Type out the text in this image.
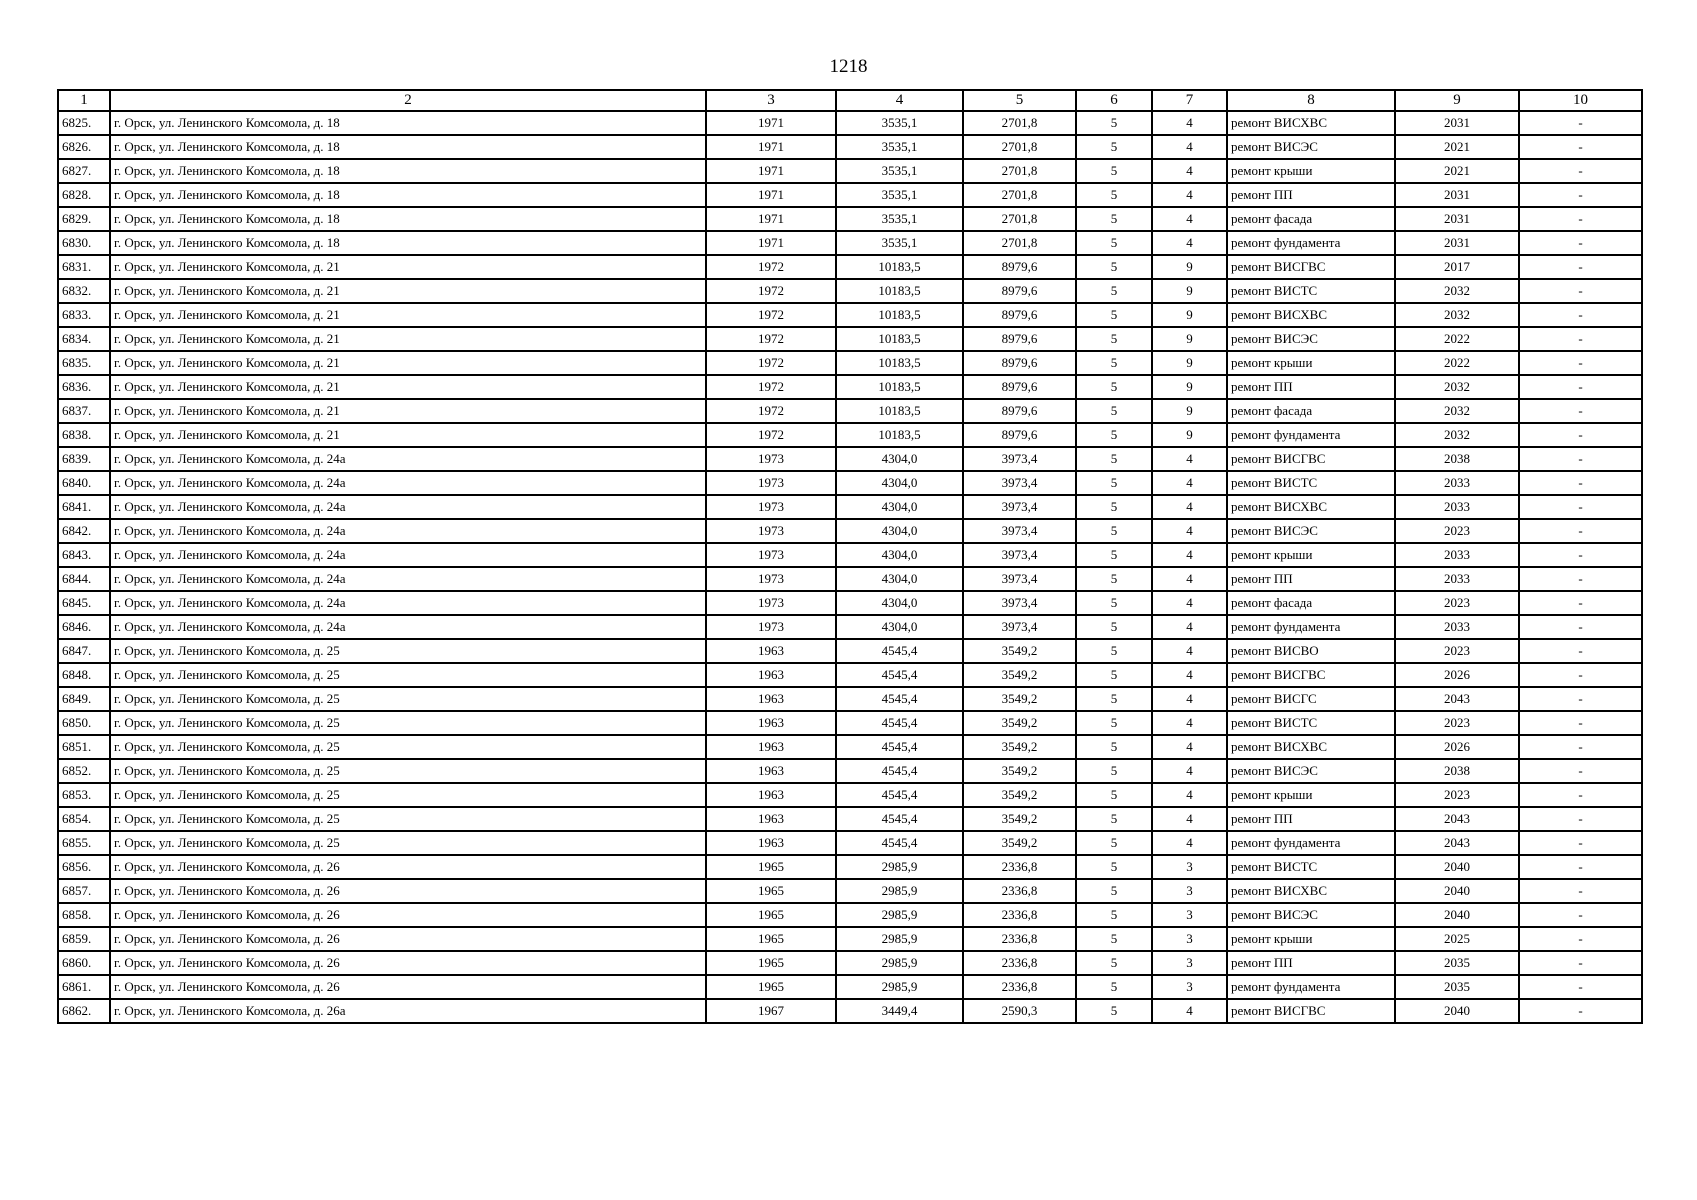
1218
1	2	3	4	5	6	7	8	9	10
6825.	г. Орск, ул. Ленинского Комсомола, д. 18	1971	3535,1	2701,8	5	4	ремонт ВИСХВС	2031	-
6826.	г. Орск, ул. Ленинского Комсомола, д. 18	1971	3535,1	2701,8	5	4	ремонт ВИСЭС	2021	-
6827.	г. Орск, ул. Ленинского Комсомола, д. 18	1971	3535,1	2701,8	5	4	ремонт крыши	2021	-
6828.	г. Орск, ул. Ленинского Комсомола, д. 18	1971	3535,1	2701,8	5	4	ремонт ПП	2031	-
6829.	г. Орск, ул. Ленинского Комсомола, д. 18	1971	3535,1	2701,8	5	4	ремонт фасада	2031	-
6830.	г. Орск, ул. Ленинского Комсомола, д. 18	1971	3535,1	2701,8	5	4	ремонт фундамента	2031	-
6831.	г. Орск, ул. Ленинского Комсомола, д. 21	1972	10183,5	8979,6	5	9	ремонт ВИСГВС	2017	-
6832.	г. Орск, ул. Ленинского Комсомола, д. 21	1972	10183,5	8979,6	5	9	ремонт ВИСТС	2032	-
6833.	г. Орск, ул. Ленинского Комсомола, д. 21	1972	10183,5	8979,6	5	9	ремонт ВИСХВС	2032	-
6834.	г. Орск, ул. Ленинского Комсомола, д. 21	1972	10183,5	8979,6	5	9	ремонт ВИСЭС	2022	-
6835.	г. Орск, ул. Ленинского Комсомола, д. 21	1972	10183,5	8979,6	5	9	ремонт крыши	2022	-
6836.	г. Орск, ул. Ленинского Комсомола, д. 21	1972	10183,5	8979,6	5	9	ремонт ПП	2032	-
6837.	г. Орск, ул. Ленинского Комсомола, д. 21	1972	10183,5	8979,6	5	9	ремонт фасада	2032	-
6838.	г. Орск, ул. Ленинского Комсомола, д. 21	1972	10183,5	8979,6	5	9	ремонт фундамента	2032	-
6839.	г. Орск, ул. Ленинского Комсомола, д. 24а	1973	4304,0	3973,4	5	4	ремонт ВИСГВС	2038	-
6840.	г. Орск, ул. Ленинского Комсомола, д. 24а	1973	4304,0	3973,4	5	4	ремонт ВИСТС	2033	-
6841.	г. Орск, ул. Ленинского Комсомола, д. 24а	1973	4304,0	3973,4	5	4	ремонт ВИСХВС	2033	-
6842.	г. Орск, ул. Ленинского Комсомола, д. 24а	1973	4304,0	3973,4	5	4	ремонт ВИСЭС	2023	-
6843.	г. Орск, ул. Ленинского Комсомола, д. 24а	1973	4304,0	3973,4	5	4	ремонт крыши	2033	-
6844.	г. Орск, ул. Ленинского Комсомола, д. 24а	1973	4304,0	3973,4	5	4	ремонт ПП	2033	-
6845.	г. Орск, ул. Ленинского Комсомола, д. 24а	1973	4304,0	3973,4	5	4	ремонт фасада	2023	-
6846.	г. Орск, ул. Ленинского Комсомола, д. 24а	1973	4304,0	3973,4	5	4	ремонт фундамента	2033	-
6847.	г. Орск, ул. Ленинского Комсомола, д. 25	1963	4545,4	3549,2	5	4	ремонт ВИСВО	2023	-
6848.	г. Орск, ул. Ленинского Комсомола, д. 25	1963	4545,4	3549,2	5	4	ремонт ВИСГВС	2026	-
6849.	г. Орск, ул. Ленинского Комсомола, д. 25	1963	4545,4	3549,2	5	4	ремонт ВИСГС	2043	-
6850.	г. Орск, ул. Ленинского Комсомола, д. 25	1963	4545,4	3549,2	5	4	ремонт ВИСТС	2023	-
6851.	г. Орск, ул. Ленинского Комсомола, д. 25	1963	4545,4	3549,2	5	4	ремонт ВИСХВС	2026	-
6852.	г. Орск, ул. Ленинского Комсомола, д. 25	1963	4545,4	3549,2	5	4	ремонт ВИСЭС	2038	-
6853.	г. Орск, ул. Ленинского Комсомола, д. 25	1963	4545,4	3549,2	5	4	ремонт крыши	2023	-
6854.	г. Орск, ул. Ленинского Комсомола, д. 25	1963	4545,4	3549,2	5	4	ремонт ПП	2043	-
6855.	г. Орск, ул. Ленинского Комсомола, д. 25	1963	4545,4	3549,2	5	4	ремонт фундамента	2043	-
6856.	г. Орск, ул. Ленинского Комсомола, д. 26	1965	2985,9	2336,8	5	3	ремонт ВИСТС	2040	-
6857.	г. Орск, ул. Ленинского Комсомола, д. 26	1965	2985,9	2336,8	5	3	ремонт ВИСХВС	2040	-
6858.	г. Орск, ул. Ленинского Комсомола, д. 26	1965	2985,9	2336,8	5	3	ремонт ВИСЭС	2040	-
6859.	г. Орск, ул. Ленинского Комсомола, д. 26	1965	2985,9	2336,8	5	3	ремонт крыши	2025	-
6860.	г. Орск, ул. Ленинского Комсомола, д. 26	1965	2985,9	2336,8	5	3	ремонт ПП	2035	-
6861.	г. Орск, ул. Ленинского Комсомола, д. 26	1965	2985,9	2336,8	5	3	ремонт фундамента	2035	-
6862.	г. Орск, ул. Ленинского Комсомола, д. 26а	1967	3449,4	2590,3	5	4	ремонт ВИСГВС	2040	-
